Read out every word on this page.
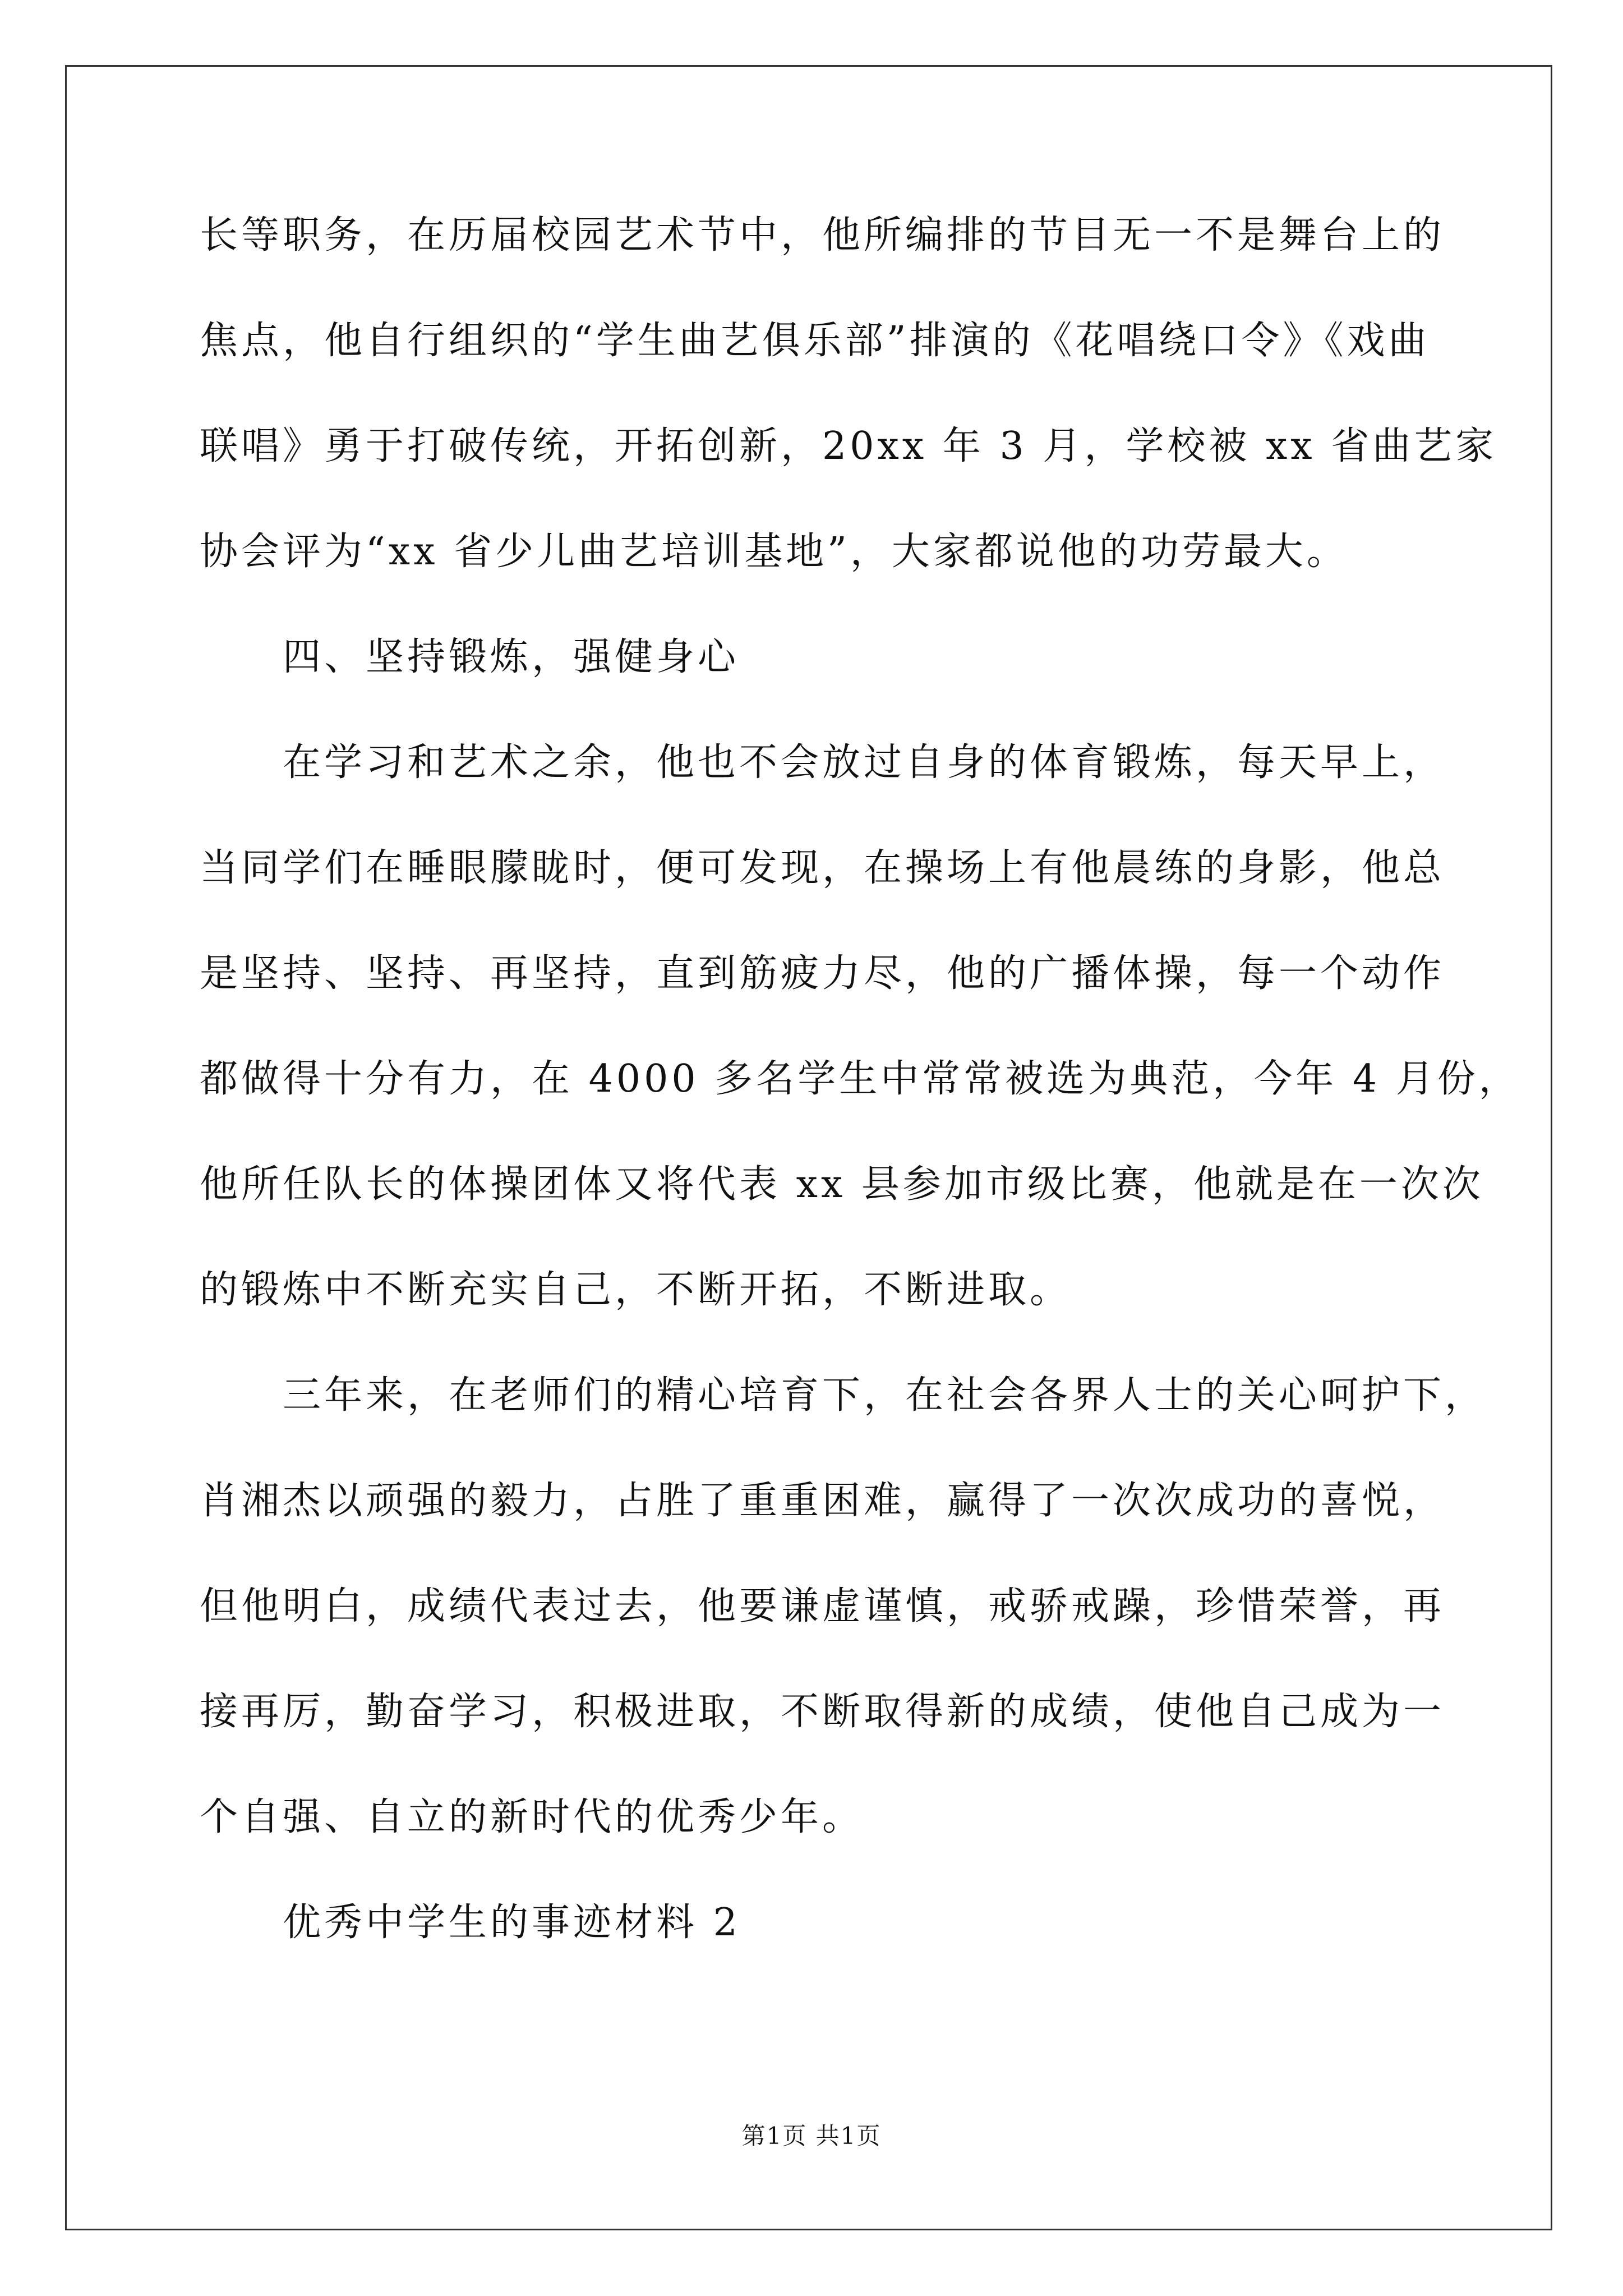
长等职务，在历届校园艺术节中，他所编排的节目无一不是舞台上的
焦点，他自行组织的“学生曲艺俱乐部”排演的《花唱绕口令》《戏曲
联唱》勇于打破传统，开拓创新，20xx 年 3 月，学校被 xx 省曲艺家
协会评为“xx 省少儿曲艺培训基地”，大家都说他的功劳最大。
四、坚持锻炼，强健身心
在学习和艺术之余，他也不会放过自身的体育锻炼，每天早上，
当同学们在睡眼朦眬时，便可发现，在操场上有他晨练的身影，他总
是坚持、坚持、再坚持，直到筋疲力尽，他的广播体操，每一个动作
都做得十分有力，在 4000 多名学生中常常被选为典范，今年 4 月份，
他所任队长的体操团体又将代表 xx 县参加市级比赛，他就是在一次次
的锻炼中不断充实自己，不断开拓，不断进取。
三年来，在老师们的精心培育下，在社会各界人士的关心呵护下，
肖湘杰以顽强的毅力，占胜了重重困难，赢得了一次次成功的喜悦，
但他明白，成绩代表过去，他要谦虚谨慎，戒骄戒躁，珍惜荣誉，再
接再厉，勤奋学习，积极进取，不断取得新的成绩，使他自己成为一
个自强、自立的新时代的优秀少年。
优秀中学生的事迹材料 2
第1页 共1页
